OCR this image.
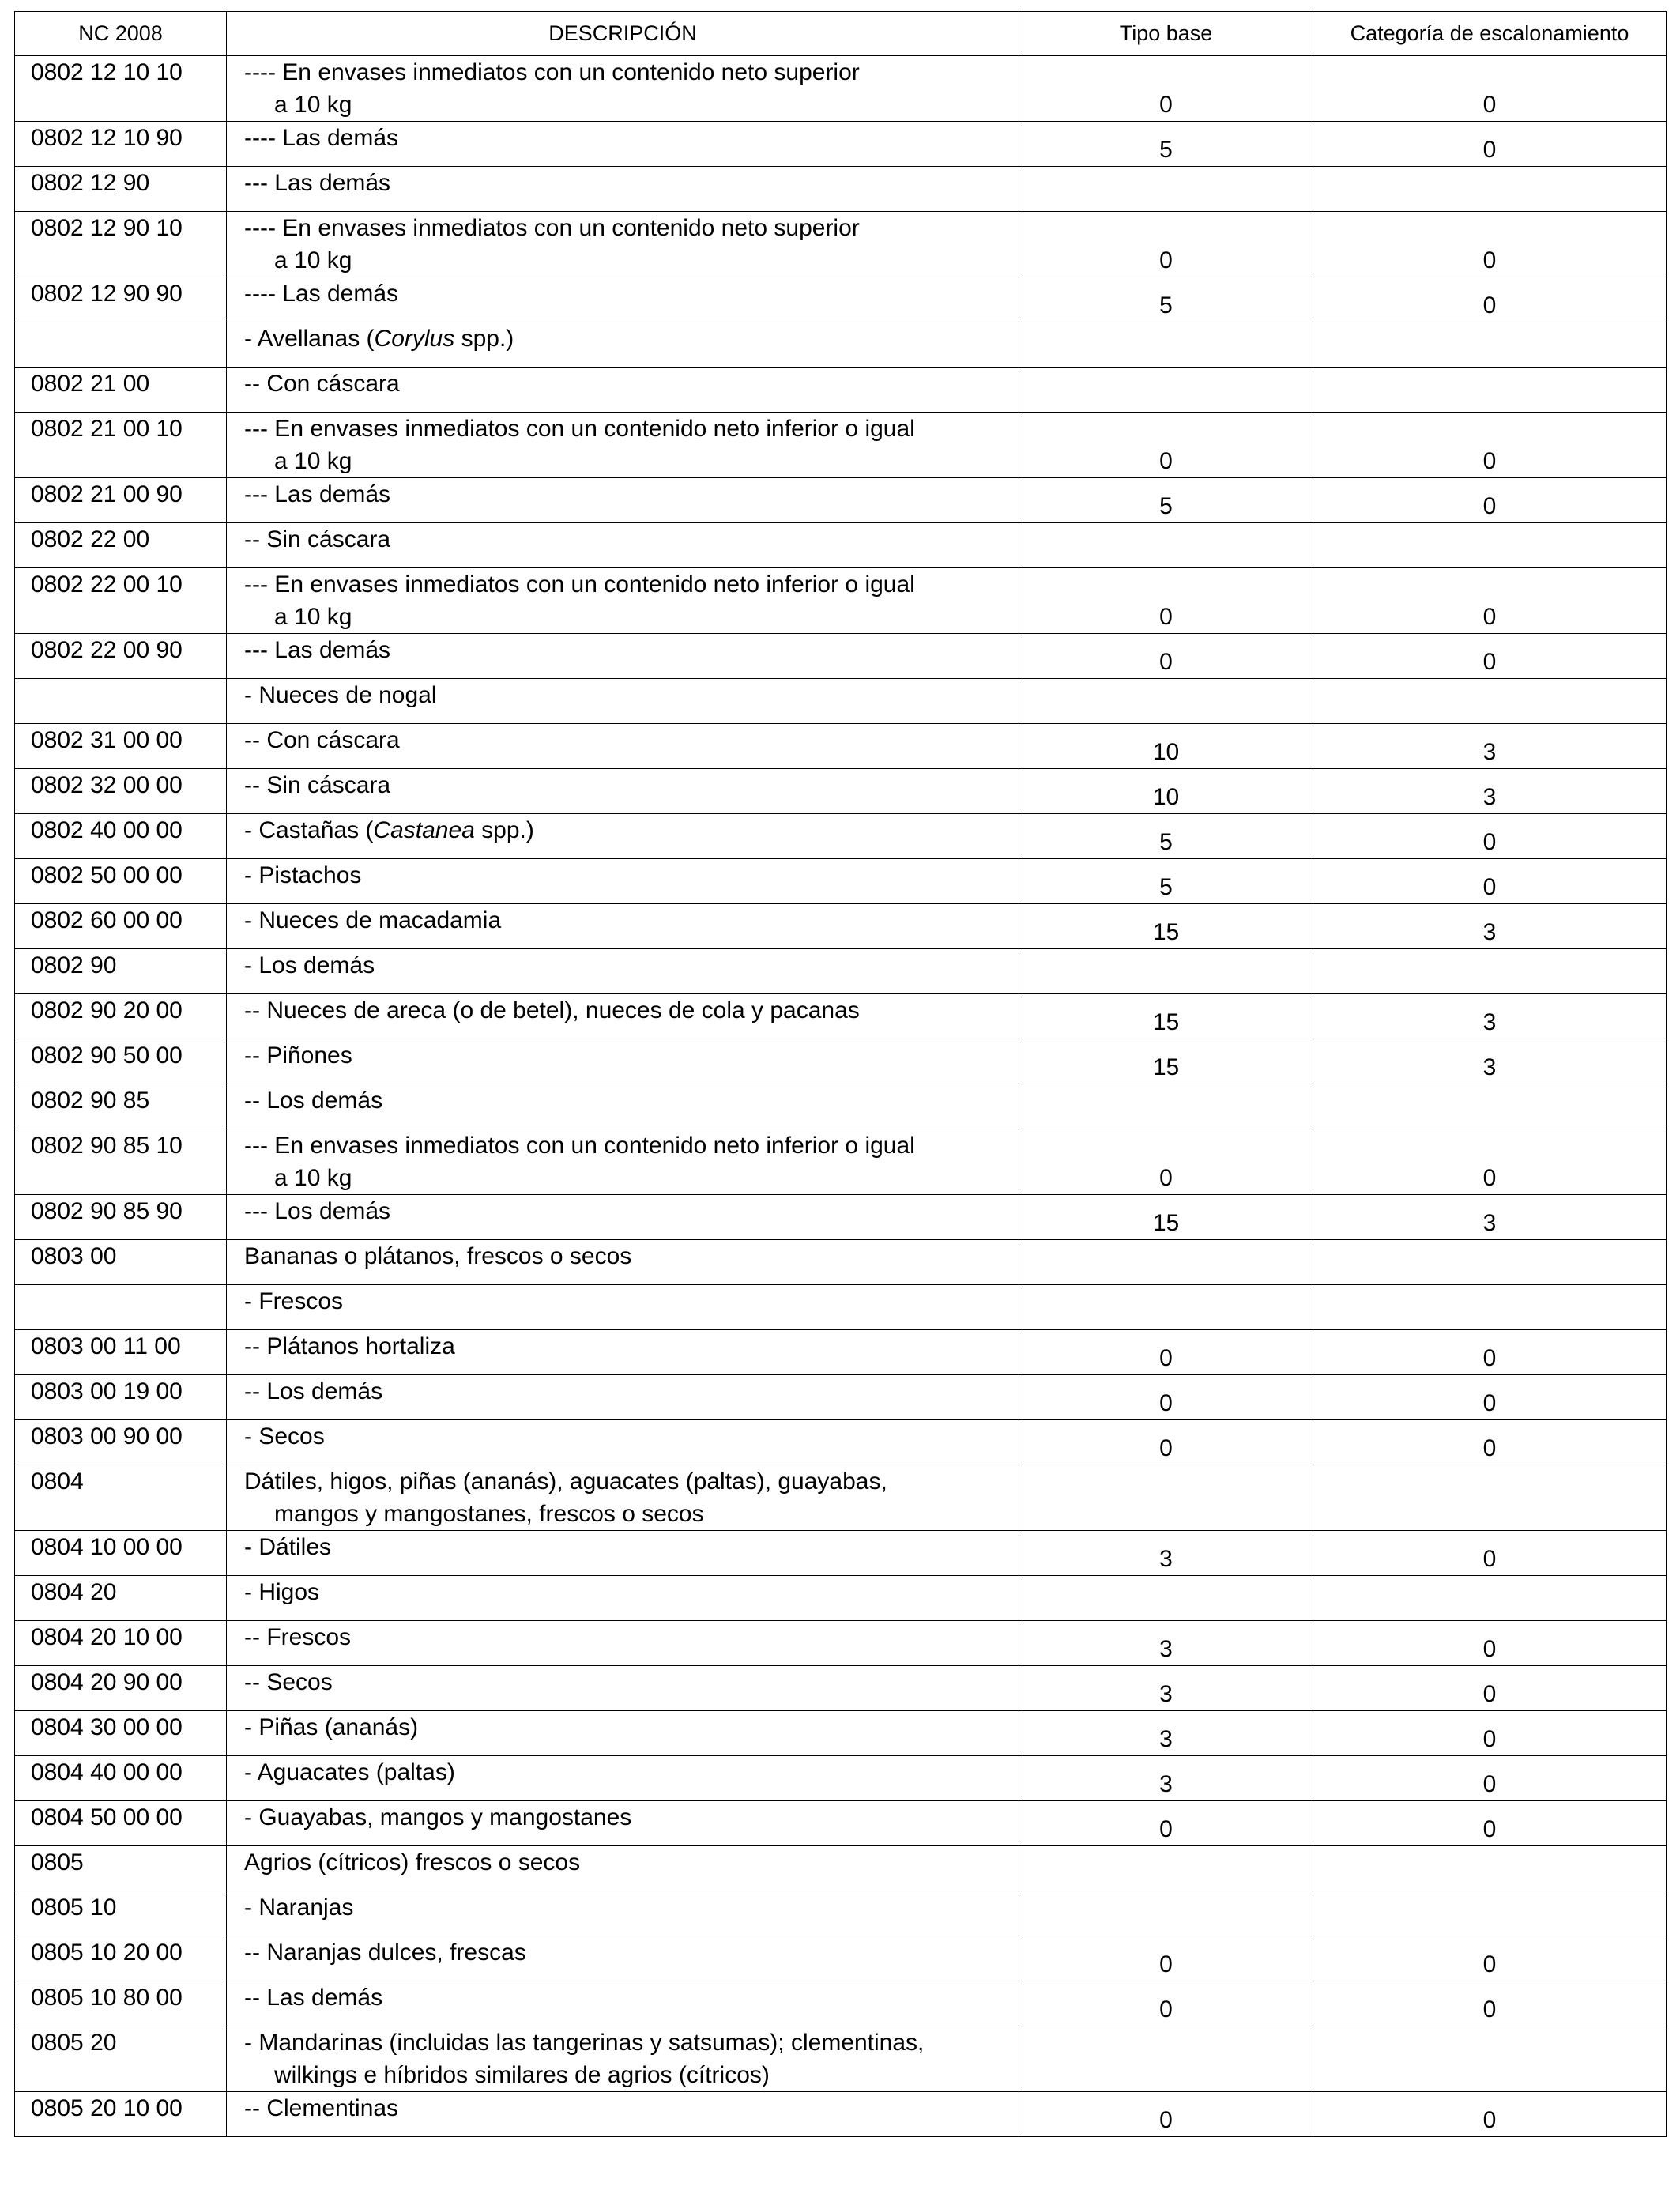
NC 2008	DESCRIPCIÓN	Tipo base	Categoría de escalonamiento
0802 12 10 10	---- En envases inmediatos con un contenido neto superior
a 10 kg	0	0
0802 12 10 90	---- Las demás	5	0
0802 12 90	--- Las demás		
0802 12 90 10	---- En envases inmediatos con un contenido neto superior
a 10 kg	0	0
0802 12 90 90	---- Las demás	5	0
	- Avellanas (Corylus spp.)		
0802 21 00	-- Con cáscara		
0802 21 00 10	--- En envases inmediatos con un contenido neto inferior o igual
a 10 kg	0	0
0802 21 00 90	--- Las demás	5	0
0802 22 00	-- Sin cáscara		
0802 22 00 10	--- En envases inmediatos con un contenido neto inferior o igual
a 10 kg	0	0
0802 22 00 90	--- Las demás	0	0
	- Nueces de nogal		
0802 31 00 00	-- Con cáscara	10	3
0802 32 00 00	-- Sin cáscara	10	3
0802 40 00 00	- Castañas (Castanea spp.)	5	0
0802 50 00 00	- Pistachos	5	0
0802 60 00 00	- Nueces de macadamia	15	3
0802 90	- Los demás		
0802 90 20 00	-- Nueces de areca (o de betel), nueces de cola y pacanas	15	3
0802 90 50 00	-- Piñones	15	3
0802 90 85	-- Los demás		
0802 90 85 10	--- En envases inmediatos con un contenido neto inferior o igual
a 10 kg	0	0
0802 90 85 90	--- Los demás	15	3
0803 00	Bananas o plátanos, frescos o secos		
	- Frescos		
0803 00 11 00	-- Plátanos hortaliza	0	0
0803 00 19 00	-- Los demás	0	0
0803 00 90 00	- Secos	0	0
0804	Dátiles, higos, piñas (ananás), aguacates (paltas), guayabas,
mangos y mangostanes, frescos o secos		

0804 10 00 00	- Dátiles	3	0
0804 20	- Higos		
0804 20 10 00	-- Frescos	3	0
0804 20 90 00	-- Secos	3	0
0804 30 00 00	- Piñas (ananás)	3	0
0804 40 00 00	- Aguacates (paltas)	3	0
0804 50 00 00	- Guayabas, mangos y mangostanes	0	0
0805	Agrios (cítricos) frescos o secos		
0805 10	- Naranjas		
0805 10 20 00	-- Naranjas dulces, frescas	0	0
0805 10 80 00	-- Las demás	0	0
0805 20	- Mandarinas (incluidas las tangerinas y satsumas); clementinas,
wilkings e híbridos similares de agrios (cítricos)		

0805 20 10 00	-- Clementinas	0	0
